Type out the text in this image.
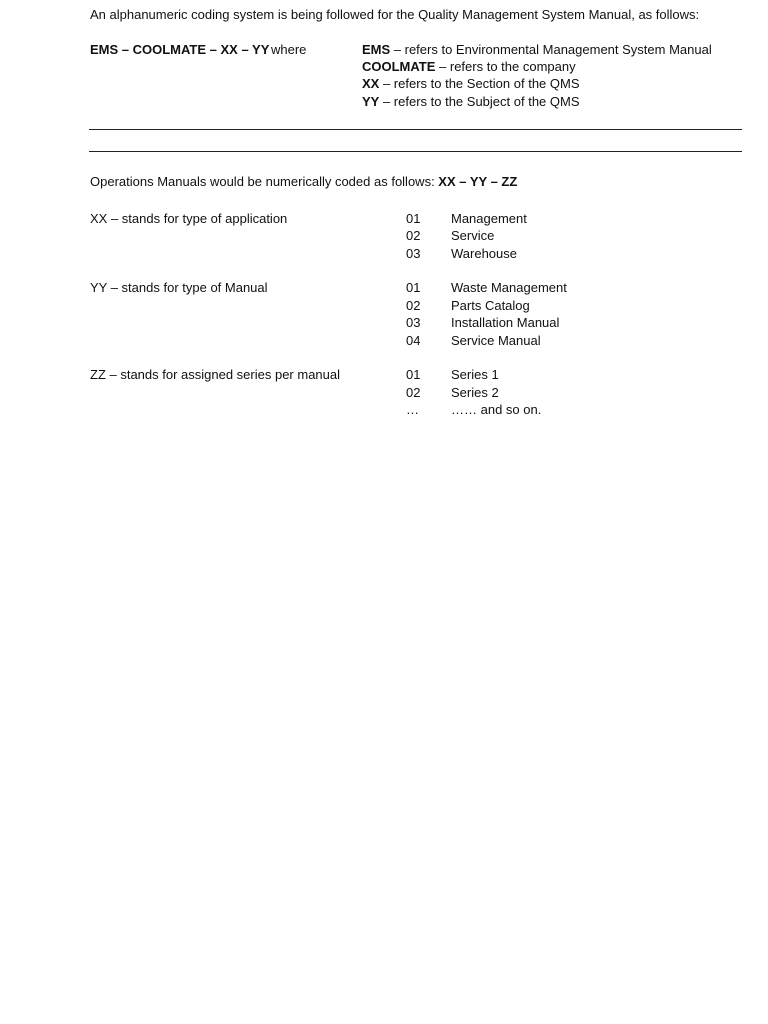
An alphanumeric coding system is being followed for the Quality Management System Manual, as follows:
EMS – COOLMATE – XX – YY where	EMS – refers to Environmental Management System Manual
COOLMATE – refers to the company
XX – refers to the Section of the QMS
YY – refers to the Subject of the QMS
Operations Manuals would be numerically coded as follows: XX – YY – ZZ
XX – stands for type of application	01 Management
02 Service
03 Warehouse
YY – stands for type of Manual	01 Waste Management
02 Parts Catalog
03 Installation Manual
04 Service Manual
ZZ – stands for assigned series per manual	01 Series 1
02 Series 2
… …… and so on.
